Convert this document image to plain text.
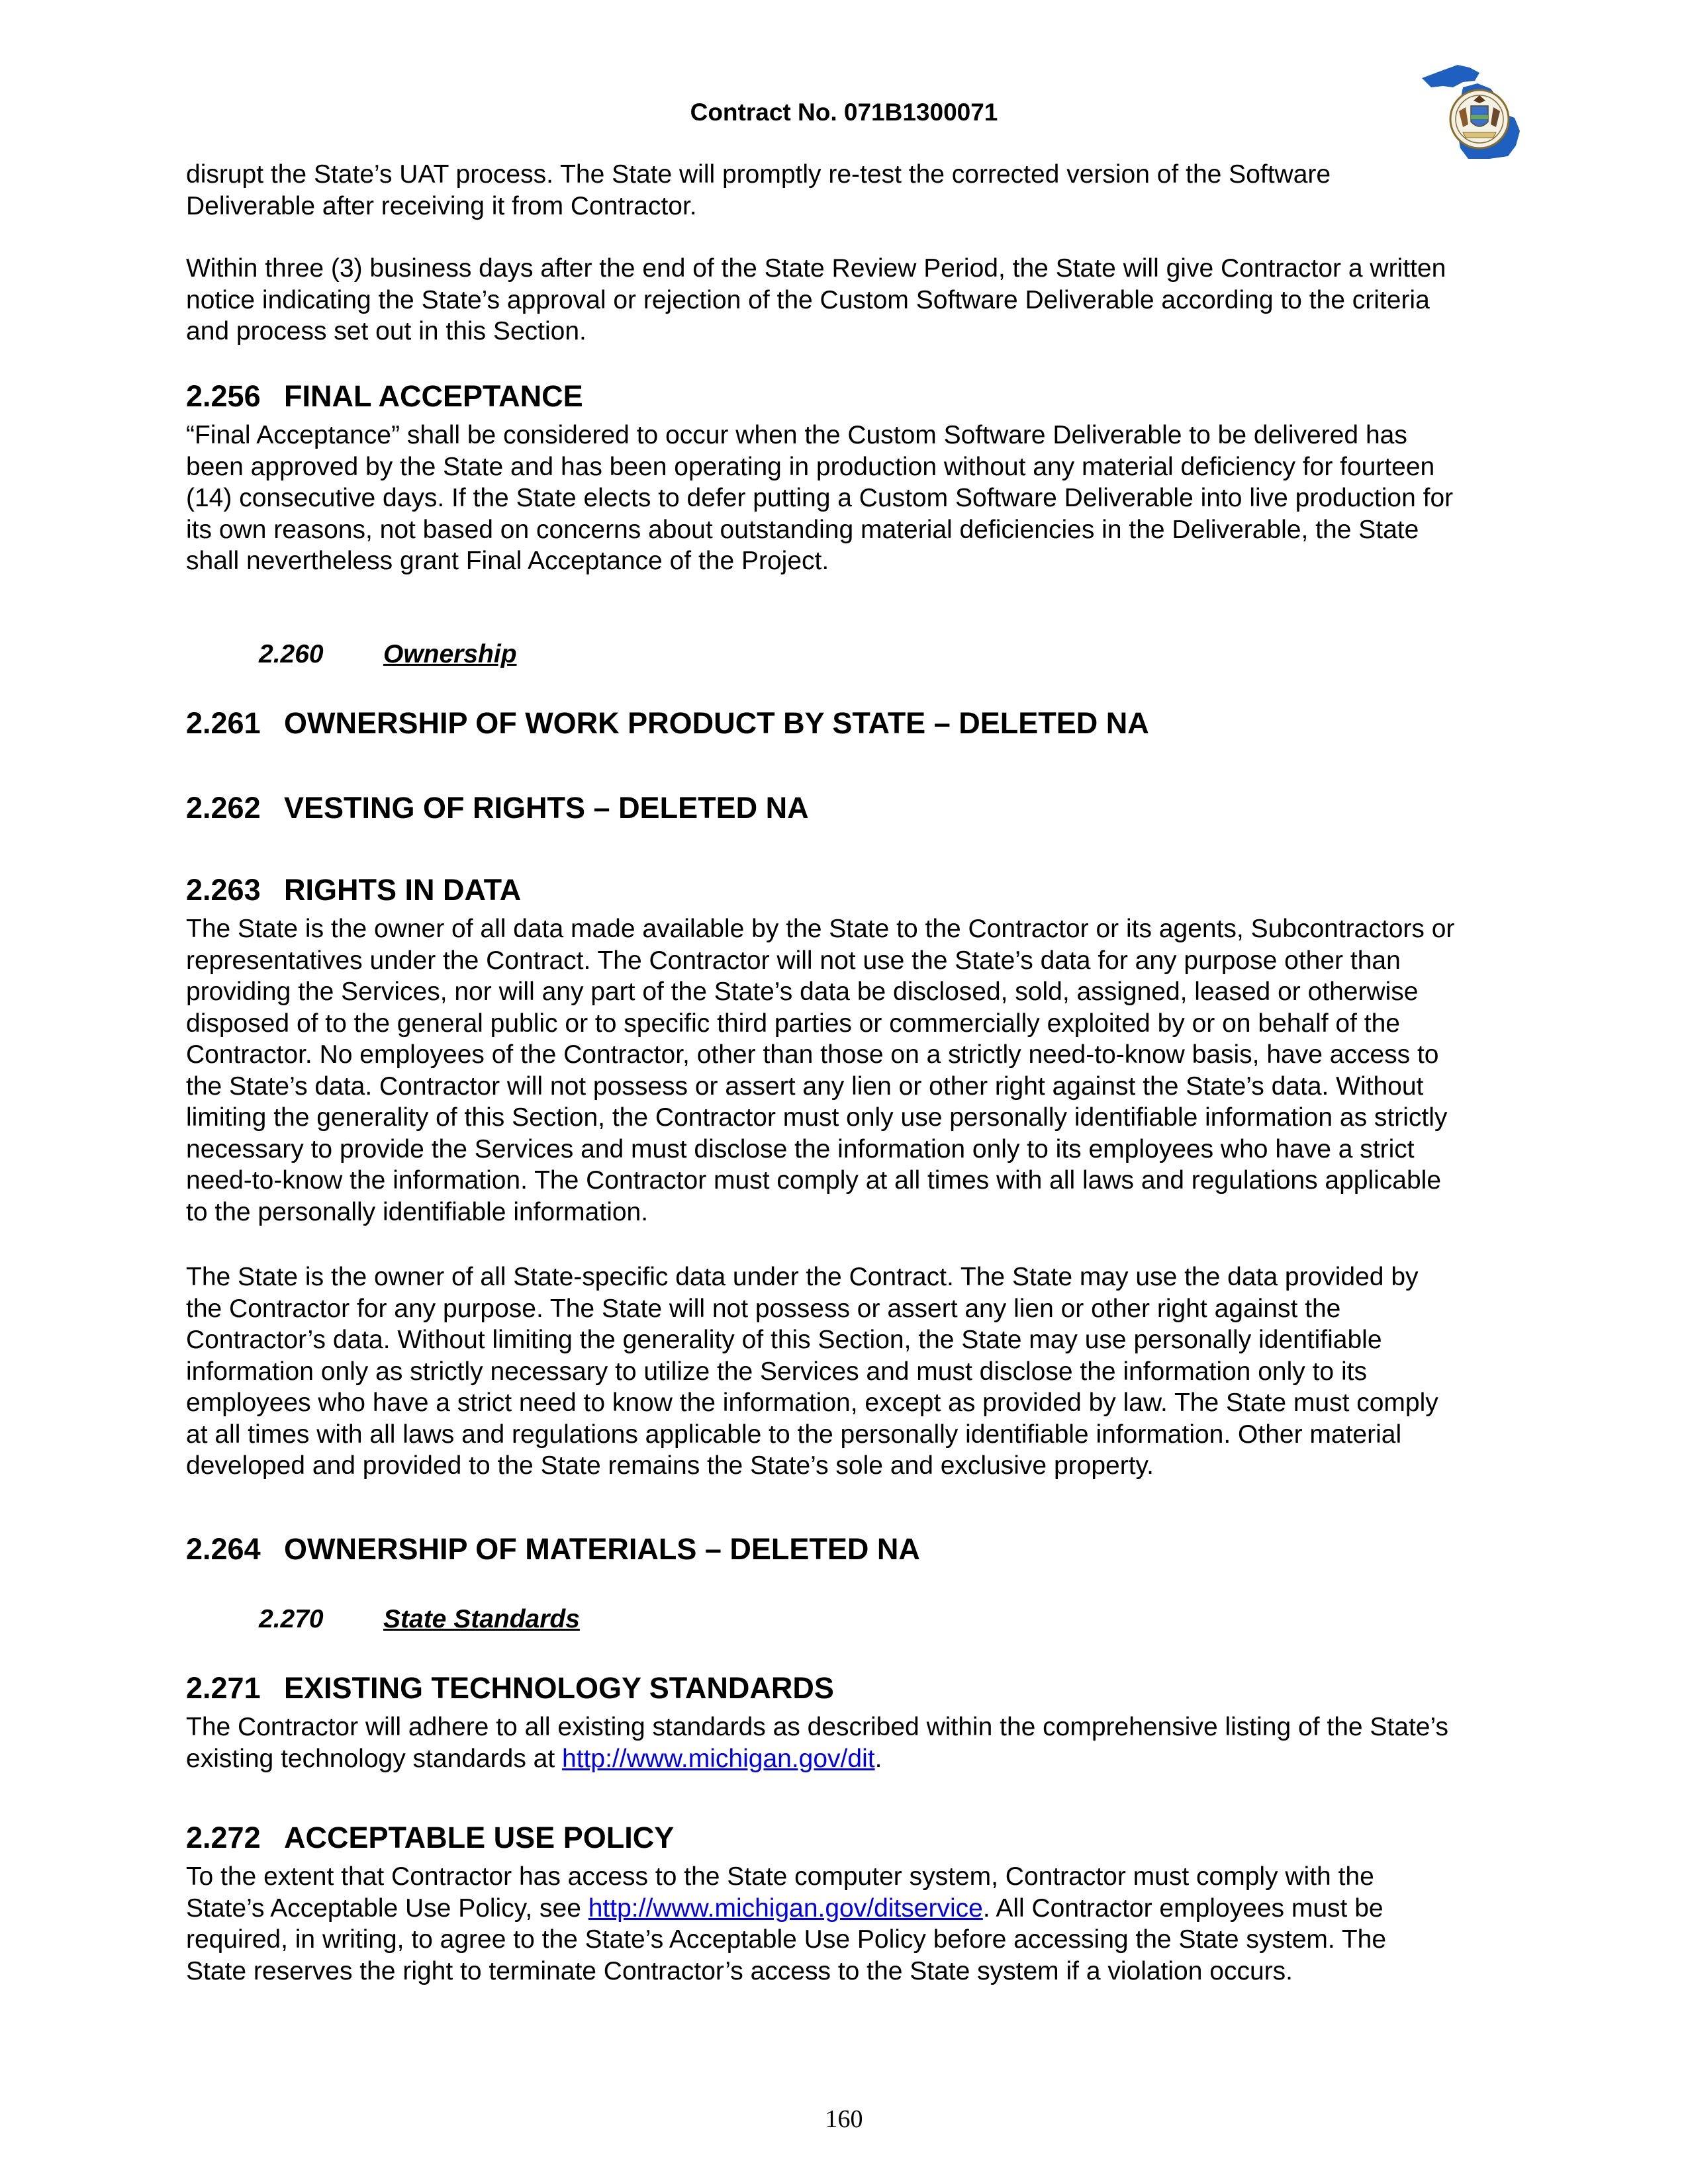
Contract No. 071B1300071
disrupt the State’s UAT process. The State will promptly re-test the corrected version of the Software
Deliverable after receiving it from Contractor.
Within three (3) business days after the end of the State Review Period, the State will give Contractor a written
notice indicating the State’s approval or rejection of the Custom Software Deliverable according to the criteria
and process set out in this Section.
2.256 FINAL ACCEPTANCE
“Final Acceptance” shall be considered to occur when the Custom Software Deliverable to be delivered has
been approved by the State and has been operating in production without any material deficiency for fourteen
(14) consecutive days. If the State elects to defer putting a Custom Software Deliverable into live production for
its own reasons, not based on concerns about outstanding material deficiencies in the Deliverable, the State
shall nevertheless grant Final Acceptance of the Project.
2.260 Ownership
2.261 OWNERSHIP OF WORK PRODUCT BY STATE – DELETED NA
2.262 VESTING OF RIGHTS – DELETED NA
2.263 RIGHTS IN DATA
The State is the owner of all data made available by the State to the Contractor or its agents, Subcontractors or
representatives under the Contract. The Contractor will not use the State’s data for any purpose other than
providing the Services, nor will any part of the State’s data be disclosed, sold, assigned, leased or otherwise
disposed of to the general public or to specific third parties or commercially exploited by or on behalf of the
Contractor. No employees of the Contractor, other than those on a strictly need-to-know basis, have access to
the State’s data. Contractor will not possess or assert any lien or other right against the State’s data. Without
limiting the generality of this Section, the Contractor must only use personally identifiable information as strictly
necessary to provide the Services and must disclose the information only to its employees who have a strict
need-to-know the information. The Contractor must comply at all times with all laws and regulations applicable
to the personally identifiable information.
The State is the owner of all State-specific data under the Contract. The State may use the data provided by
the Contractor for any purpose. The State will not possess or assert any lien or other right against the
Contractor’s data. Without limiting the generality of this Section, the State may use personally identifiable
information only as strictly necessary to utilize the Services and must disclose the information only to its
employees who have a strict need to know the information, except as provided by law. The State must comply
at all times with all laws and regulations applicable to the personally identifiable information. Other material
developed and provided to the State remains the State’s sole and exclusive property.
2.264 OWNERSHIP OF MATERIALS – DELETED NA
2.270 State Standards
2.271 EXISTING TECHNOLOGY STANDARDS
The Contractor will adhere to all existing standards as described within the comprehensive listing of the State’s
existing technology standards at http://www.michigan.gov/dit.
2.272 ACCEPTABLE USE POLICY
To the extent that Contractor has access to the State computer system, Contractor must comply with the
State’s Acceptable Use Policy, see http://www.michigan.gov/ditservice. All Contractor employees must be
required, in writing, to agree to the State’s Acceptable Use Policy before accessing the State system. The
State reserves the right to terminate Contractor’s access to the State system if a violation occurs.
160
